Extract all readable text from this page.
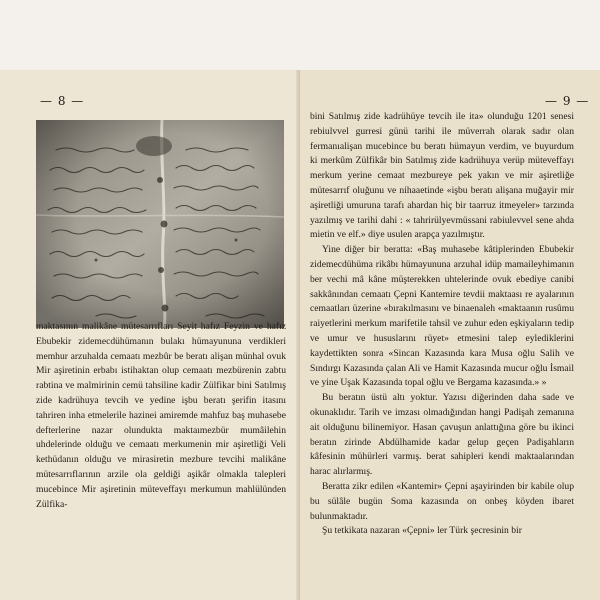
— 8 —

maktasının malikâne mütesarrıfları Seyit hafız Feyzin ve hafız Ebubekir zidemecdühümanın bulakı hümayununa verdikleri memhur arzuhalda cemaatı mezbûr be beratı alişan münhal ovuk Mir aşiretinin erbabı istihaktan olup cemaatı mezbürenin zabtu rabtina ve malmirinin cemü tahsiline kadir Zülfikar bini Satılmış zide kadrühuya tevcih ve yedine işbu beratı şerifin itasını tahriren inha etmelerile hazinei amiremde mahfuz baş muhasebe defterlerine nazar olundukta maktaımezbür mumâilehin uhdelerinde olduğu ve cemaatı merkumenin mir aşiretliği Veli kethüdanın olduğu ve mirasiretin mezbure tevcihi malikâne mütesarrıflarının arzile ola geldiği aşikâr olmakla talepleri mucebince Mir aşiretinin müteveffayı merkumun mahlülünden Zülfika-

— 9 —

bini Satılmış zide kadrühüye tevcih ile ita» olunduğu 1201 senesi rebiulvvel gurresi günü tarihi ile müverrah olarak sadır olan fermanıalişan mucebince bu beratı hümayun verdim, ve buyurdum ki merkûm Zülfikâr bin Satılmış zide kadrühuya verüp müteveffayı merkum yerine cemaat mezbureye pek yakın ve mir aşiretliğe mütesarrıf oluğunu ve nihaaetinde «işbu beratı alişana muğayir mir aşiretliği umuruna tarafı ahardan hiç bir taarruz itmeyeler» tarzında yazılmış ve tarihi dahi : « tahrirülyevmüssani rabiulevvel sene ahda mietin ve elf.» diye usulen arapça yazılmıştır.

Yine diğer bir beratta: «Baş muhasebe kâtiplerinden Ebubekir zidemecdühüma rikâbı hümayununa arzuhal idüp mamaileyhimanın ber vechi mâ kâne müşterekken uhtelerinde ovuk ebediye canibi sakkânından cemaatı Çepni Kantemire tevdii maktaası re ayalarının cemaatları üzerine «bırakılmasını ve binaenaleh «maktaanın rusûmu raiyetlerini merkum marifetile tahsil ve zuhur eden eşkiyaların tedip ve umur ve hususlarını rüyet» etmesini talep eylediklerini kaydettikten sonra «Sincan Kazasında kara Musa oğlu Salih ve Sındırgı Kazasında çalan Ali ve Hamit Kazasında mucur oğlu İsmail ve yine Uşak Kazasında topal oğlu ve Bergama kazasında.» »

Bu beratın üstü altı yoktur. Yazısı diğerinden daha sade ve okunaklıdır. Tarih ve imzası olmadığından hangi Padişah zemanına ait olduğunu bilinemiyor. Hasan çavuşun anlattığına göre bu ikinci beratın zirinde Abdülhamide kadar gelup geçen Padişahların kâfesinin mühürleri varmış. berat sahipleri kendi maktaalarından harac alırlarmış.

Beratta zikr edilen «Kantemir» Çepni aşayirinden bir kabile olup bu sülâle bugün Soma kazasında on onbeş köyden ibaret bulunmaktadır.

Şu tetkikata nazaran «Çepni» ler Türk şecresinin bir
